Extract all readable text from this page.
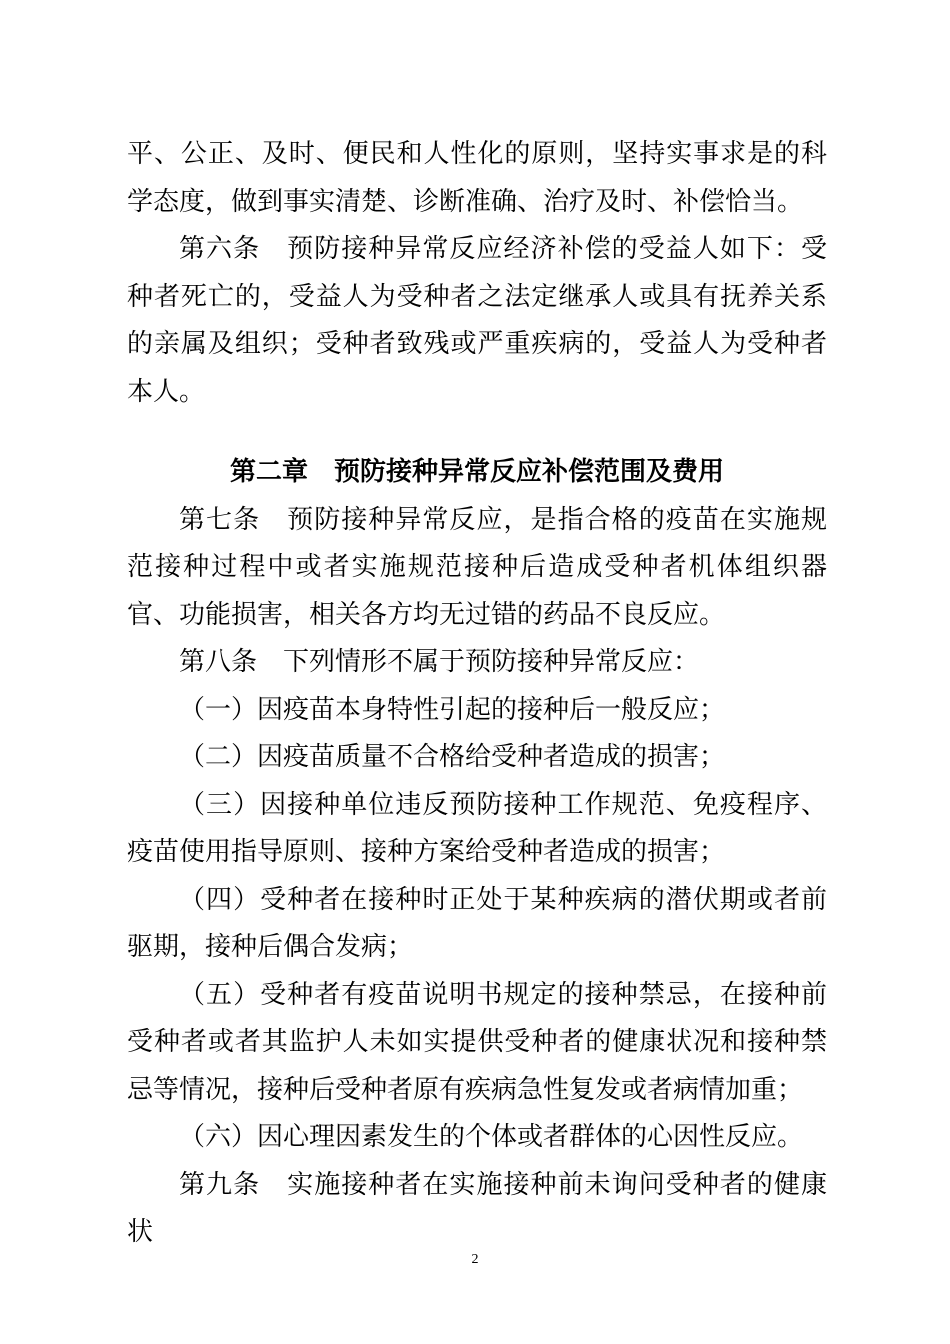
平、公正、及时、便民和人性化的原则，坚持实事求是的科学态度，做到事实清楚、诊断准确、治疗及时、补偿恰当。

第六条　预防接种异常反应经济补偿的受益人如下：受种者死亡的，受益人为受种者之法定继承人或具有抚养关系的亲属及组织；受种者致残或严重疾病的，受益人为受种者本人。

第二章　预防接种异常反应补偿范围及费用

第七条　预防接种异常反应，是指合格的疫苗在实施规范接种过程中或者实施规范接种后造成受种者机体组织器官、功能损害，相关各方均无过错的药品不良反应。

第八条　下列情形不属于预防接种异常反应：

（一）因疫苗本身特性引起的接种后一般反应；

（二）因疫苗质量不合格给受种者造成的损害；

（三）因接种单位违反预防接种工作规范、免疫程序、疫苗使用指导原则、接种方案给受种者造成的损害；

（四）受种者在接种时正处于某种疾病的潜伏期或者前驱期，接种后偶合发病；

（五）受种者有疫苗说明书规定的接种禁忌，在接种前受种者或者其监护人未如实提供受种者的健康状况和接种禁忌等情况，接种后受种者原有疾病急性复发或者病情加重；

（六）因心理因素发生的个体或者群体的心因性反应。

第九条　实施接种者在实施接种前未询问受种者的健康状

2
